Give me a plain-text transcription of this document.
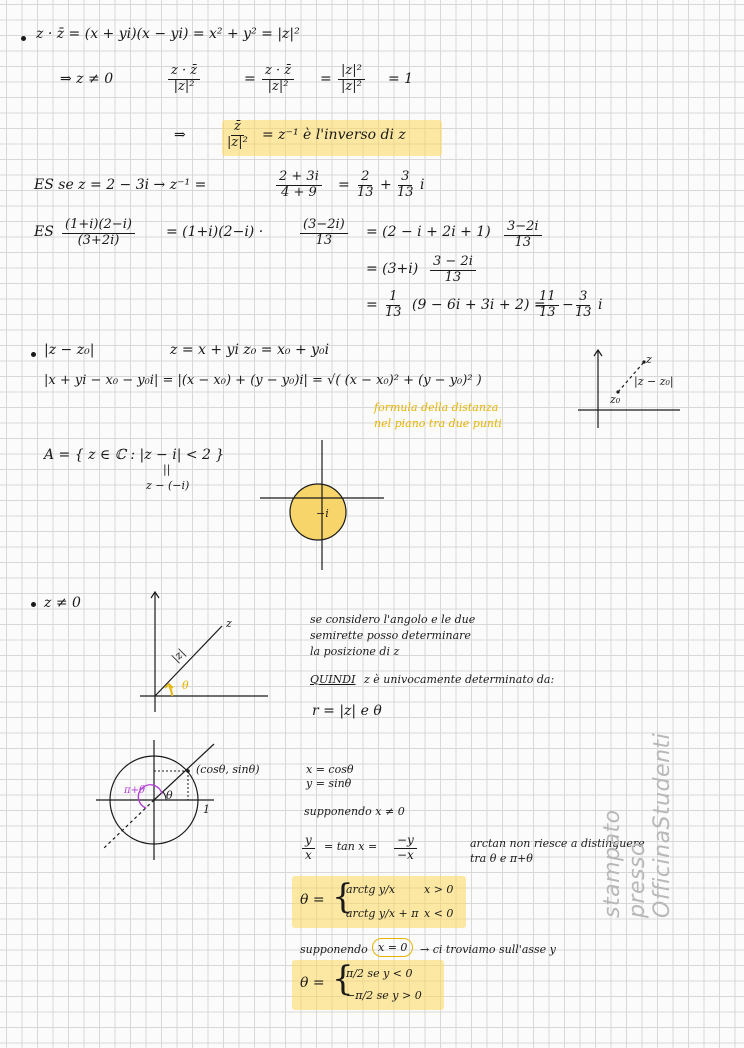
z · z̄ = (x + yi)(x − yi) = x² + y² = |z|²
⇒ z ≠ 0	$\frac{z \cdot z̄}{\text{|z|²}}$	= $\frac{z \cdot z̄}{\text{|z|²}} = \frac{\text{|z|²}}{\text{|z|²}} = 1$
⇒	$\frac{z̄}{\text{|z|²}} = z^{-1}$ è l'inverso di z
ES se z = 2 − 3i → z⁻¹ =	$\frac{2 + 3i}{4 + 9} = \frac{2}{13} + \frac{3}{13}$ i
ES $\frac{(1+i)(2-i)}{(3+2i)} = (1+i)(2-i)$ ·	$\frac{(3-2i)}{13} = (2 - i + 2i + 1) \frac{3-2i}{13}$
= $(3+i) \frac{3 - 2i}{13}$
= $\frac{1}{13} (9 - 6i + 3i + 2)$ =
$\frac{11}{13}$ −
$\frac{3}{13}$ i
|z − z₀|	z = x + yi z₀ = x₀ + y₀i
|x + yi − x₀ − y₀i| = |(x − x₀) + (y − y₀)i| = √( (x − x₀)² + (y − y₀)² )
formula della distanza
nel piano tra due punti
z
z₀
|z − z₀|
A = { z ∈ ℂ : |z − i| < 2 }
||
z − (−i)
−i
z ≠ 0
z
|z|
θ
se considero l'angolo e le due
semirette posso determinare
la posizione di z
QUINDI z è univocamente determinato da:
r = |z| e θ
(cosθ, sinθ)
π+θ θ
1
x = cosθ
y = sinθ
supponendo x ≠ 0
$\frac{y}{x} = \tan x = \frac{-y}{-x}$	arctan non riesce a distinguere
tra θ e π+θ
θ = {
arctg y/x	x > 0
arctg y/x + π x < 0
supponendo x = 0	→ ci troviamo sull'asse y
θ = {
π/2 se y < 0
−π/2 se y > 0
stampato presso OfficinaStudenti
